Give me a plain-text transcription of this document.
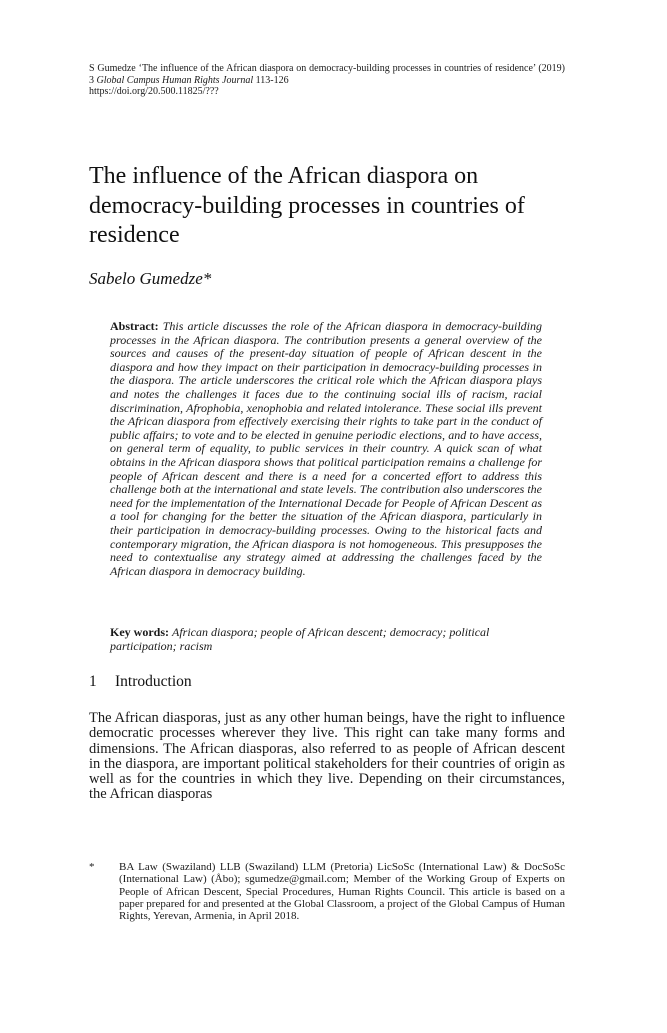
S Gumedze ‘The influence of the African diaspora on democracy-building processes in countries of residence’ (2019) 3 Global Campus Human Rights Journal 113-126
https://doi.org/20.500.11825/???
The influence of the African diaspora on democracy-building processes in countries of residence

Sabelo Gumedze*

Abstract: This article discusses the role of the African diaspora in democracy-building processes in the African diaspora. The contribution presents a general overview of the sources and causes of the present-day situation of people of African descent in the diaspora and how they impact on their participation in democracy-building processes in the diaspora. The article underscores the critical role which the African diaspora plays and notes the challenges it faces due to the continuing social ills of racism, racial discrimination, Afrophobia, xenophobia and related intolerance. These social ills prevent the African diaspora from effectively exercising their rights to take part in the conduct of public affairs; to vote and to be elected in genuine periodic elections, and to have access, on general term of equality, to public services in their country. A quick scan of what obtains in the African diaspora shows that political participation remains a challenge for people of African descent and there is a need for a concerted effort to address this challenge both at the international and state levels. The contribution also underscores the need for the implementation of the International Decade for People of African Descent as a tool for changing for the better the situation of the African diaspora, particularly in their participation in democracy-building processes. Owing to the historical facts and contemporary migration, the African diaspora is not homogeneous. This presupposes the need to contextualise any strategy aimed at addressing the challenges faced by the African diaspora in democracy building.
Key words: African diaspora; people of African descent; democracy; political participation; racism
1 Introduction

The African diasporas, just as any other human beings, have the right to influence democratic processes wherever they live. This right can take many forms and dimensions. The African diasporas, also referred to as people of African descent in the diaspora, are important political stakeholders for their countries of origin as well as for the countries in which they live. Depending on their circumstances, the African diasporas

* BA Law (Swaziland) LLB (Swaziland) LLM (Pretoria) LicSoSc (International Law) & DocSoSc (International Law) (Åbo); sgumedze@gmail.com; Member of the Working Group of Experts on People of African Descent, Special Procedures, Human Rights Council. This article is based on a paper prepared for and presented at the Global Classroom, a project of the Global Campus of Human Rights, Yerevan, Armenia, in April 2018.
